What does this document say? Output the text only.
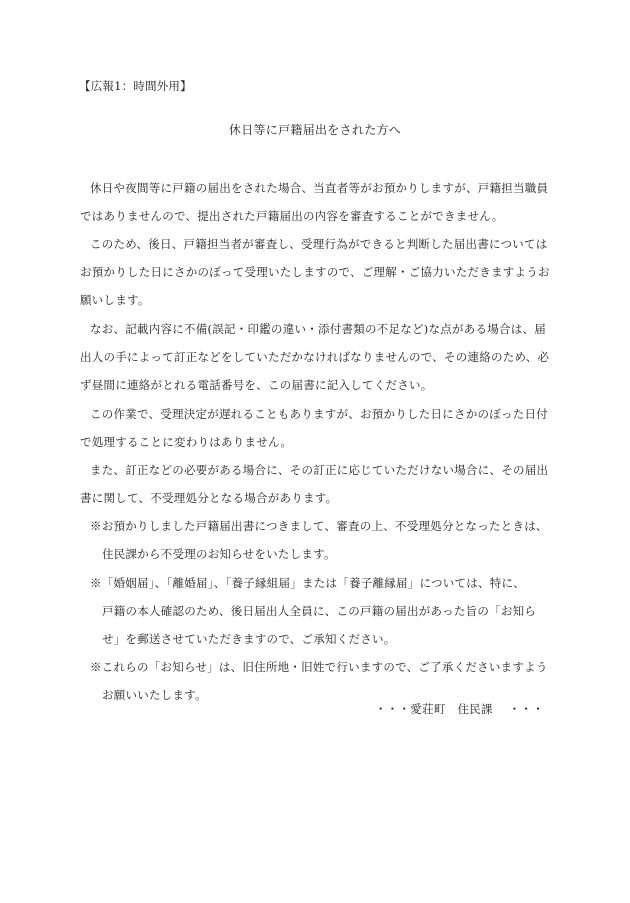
【広報1：時間外用】
休日等に戸籍届出をされた方へ
休日や夜間等に戸籍の届出をされた場合、当直者等がお預かりしますが、戸籍担当職員
ではありませんので、提出された戸籍届出の内容を審査することができません。
このため、後日、戸籍担当者が審査し、受理行為ができると判断した届出書については
お預かりした日にさかのぼって受理いたしますので、ご理解・ご協力いただきますようお
願いします。
なお、記載内容に不備(誤記・印鑑の違い・添付書類の不足など)な点がある場合は、届
出人の手によって訂正などをしていただかなければなりませんので、その連絡のため、必
ず昼間に連絡がとれる電話番号を、この届書に記入してください。
この作業で、受理決定が遅れることもありますが、お預かりした日にさかのぼった日付
で処理することに変わりはありません。
また、訂正などの必要がある場合に、その訂正に応じていただけない場合に、その届出
書に関して、不受理処分となる場合があります。
※お預かりしました戸籍届出書につきまして、審査の上、不受理処分となったときは、
住民課から不受理のお知らせをいたします。
※「婚姻届」、「離婚届」、「養子縁組届」または「養子離縁届」については、特に、
戸籍の本人確認のため、後日届出人全員に、この戸籍の届出があった旨の「お知ら
せ」を郵送させていただきますので、ご承知ください。
※これらの「お知らせ」は、旧住所地・旧姓で行いますので、ご了承くださいますよう
お願いいたします。
・・・愛荘町　住民課　 ・・・
